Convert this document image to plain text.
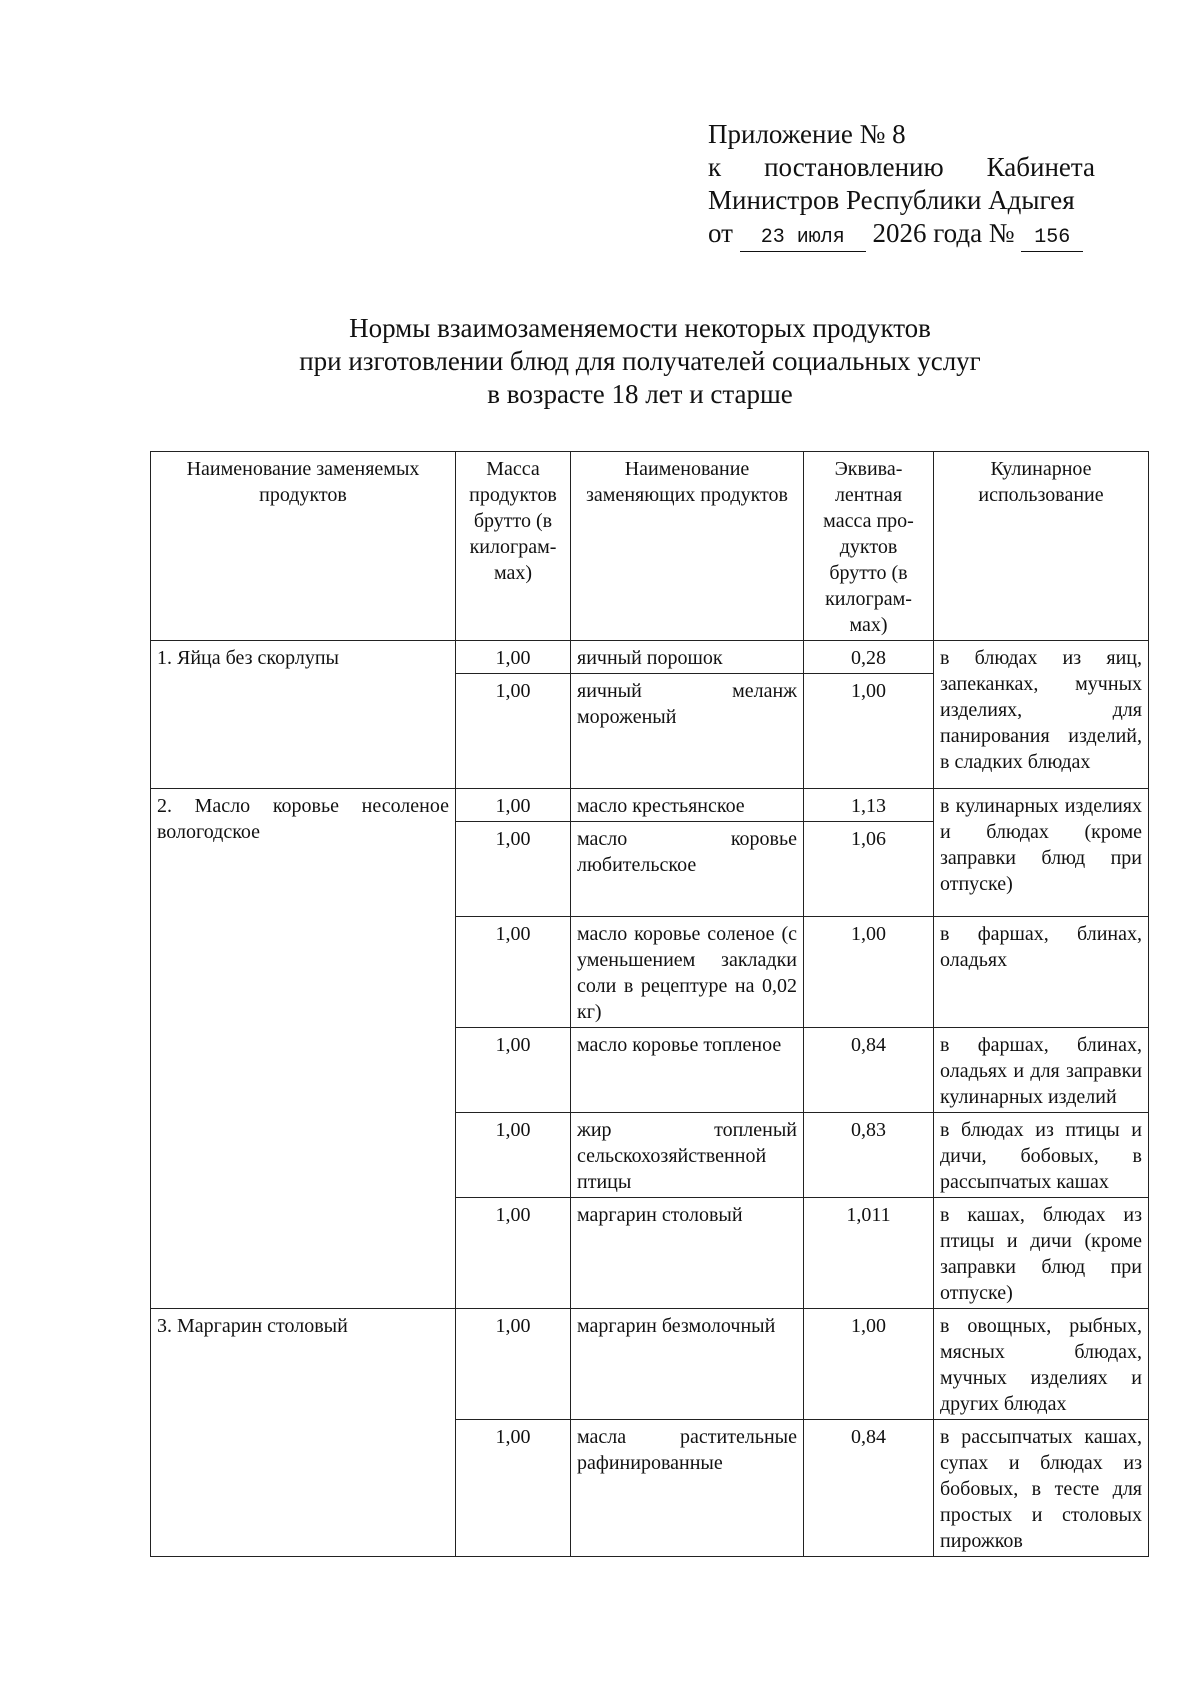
Приложение № 8
к постановлению Кабинета
Министров Республики Адыгея
от 23 июля 2026 года № 156
Нормы взаимозаменяемости некоторых продуктов
при изготовлении блюд для получателей социальных услуг
в возрасте 18 лет и старше
Наименование заменяемых продуктов	Масса продуктов брутто (в килограм-мах)	Наименование заменяющих продуктов	Эквива-лентная масса про-дуктов брутто (в килограм-мах)	Кулинарное использование
1. Яйца без скорлупы	1,00	яичный порошок	0,28	в блюдах из яиц, запеканках, мучных изделиях, для панирования изделий, в сладких блюдах
	1,00	яичный меланж мороженый	1,00	
2. Масло коровье несоленое вологодское	1,00	масло крестьянское	1,13	в кулинарных изделиях и блюдах (кроме заправки блюд при отпуске)
	1,00	масло коровье любительское	1,06	
	1,00	масло коровье соленое (с уменьшением закладки соли в рецептуре на 0,02 кг)	1,00	в фаршах, блинах, оладьях
	1,00	масло коровье топленое	0,84	в фаршах, блинах, оладьях и для заправки кулинарных изделий
	1,00	жир топленый сельскохозяйственной птицы	0,83	в блюдах из птицы и дичи, бобовых, в рассыпчатых кашах
	1,00	маргарин столовый	1,011	в кашах, блюдах из птицы и дичи (кроме заправки блюд при отпуске)
3. Маргарин столовый	1,00	маргарин безмолочный	1,00	в овощных, рыбных, мясных блюдах, мучных изделиях и других блюдах
	1,00	масла растительные рафинированные	0,84	в рассыпчатых кашах, супах и блюдах из бобовых, в тесте для простых и столовых пирожков
